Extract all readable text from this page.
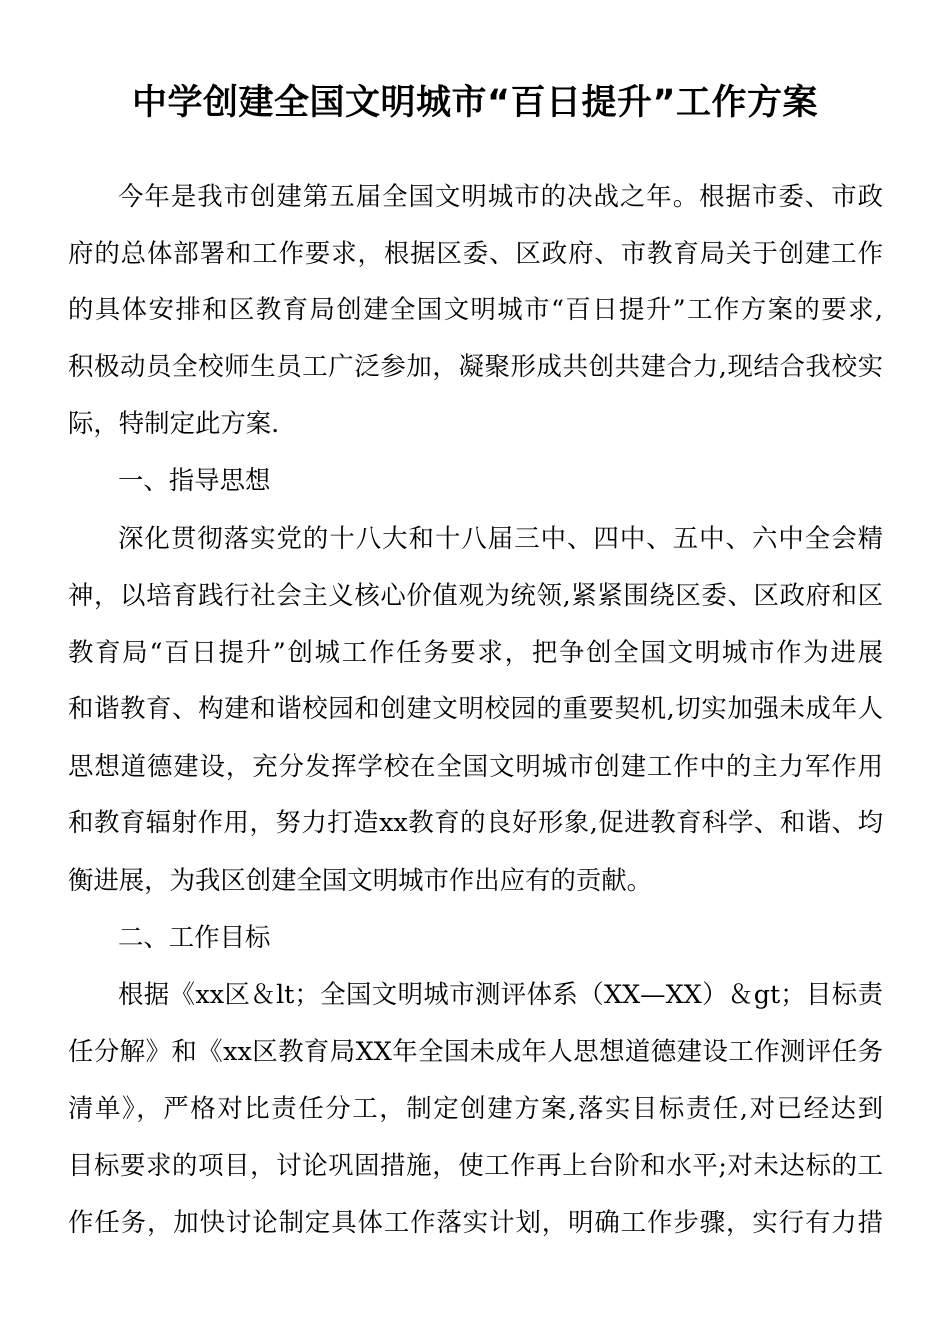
中学创建全国文明城市“百日提升”工作方案
今年是我市创建第五届全国文明城市的决战之年。根据市委、市政
府的总体部署和工作要求，根据区委、区政府、市教育局关于创建工作
的具体安排和区教育局创建全国文明城市“百日提升”工作方案的要求,
积极动员全校师生员工广泛参加，凝聚形成共创共建合力,现结合我校实
际，特制定此方案.
一、指导思想
深化贯彻落实党的十八大和十八届三中、四中、五中、六中全会精
神，以培育践行社会主义核心价值观为统领,紧紧围绕区委、区政府和区
教育局“百日提升”创城工作任务要求，把争创全国文明城市作为进展
和谐教育、构建和谐校园和创建文明校园的重要契机,切实加强未成年人
思想道德建设，充分发挥学校在全国文明城市创建工作中的主力军作用
和教育辐射作用，努力打造xx教育的良好形象,促进教育科学、和谐、均
衡进展，为我区创建全国文明城市作出应有的贡献。
二、工作目标
根据《xx区＆lt；全国文明城市测评体系（XX—XX）＆gt；目标责
任分解》和《xx区教育局XX年全国未成年人思想道德建设工作测评任务
清单》，严格对比责任分工，制定创建方案,落实目标责任,对已经达到
目标要求的项目，讨论巩固措施，使工作再上台阶和水平;对未达标的工
作任务，加快讨论制定具体工作落实计划，明确工作步骤，实行有力措
